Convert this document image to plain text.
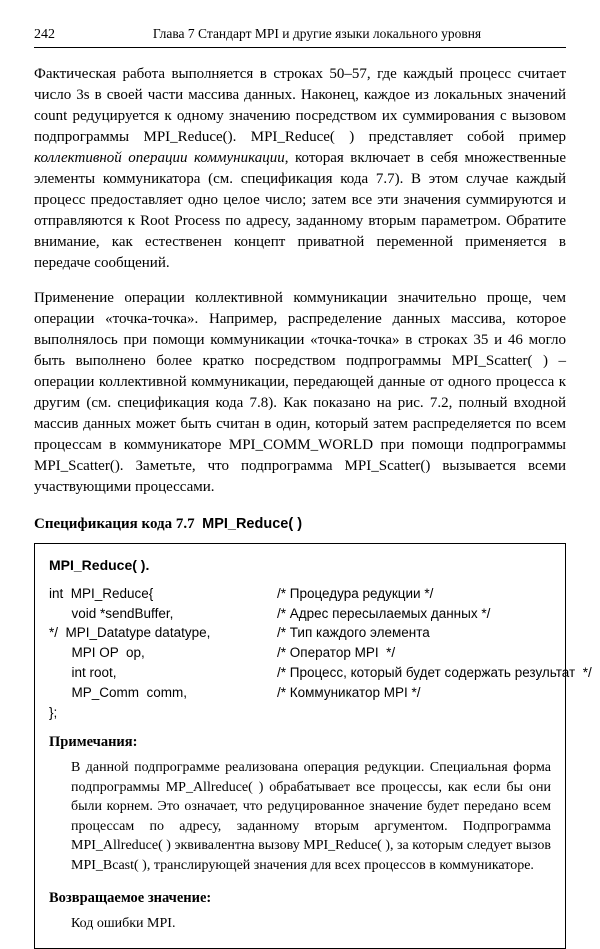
242	Глава 7 Стандарт MPI и другие языки локального уровня

Фактическая работа выполняется в строках 50–57, где каждый процесс считает число 3s в своей части массива данных. Наконец, каждое из локальных значений count редуцируется к одному значению посредством их суммирования с вызовом подпрограммы MPI_Reduce(). MPI_Reduce( ) представляет собой пример коллективной операции коммуникации, которая включает в себя множественные элементы коммуникатора (см. спецификация кода 7.7). В этом случае каждый процесс предоставляет одно целое число; затем все эти значения суммируются и отправляются к Root Process по адресу, заданному вторым параметром. Обратите внимание, как естественен концепт приватной переменной применяется в передаче сообщений.

Применение операции коллективной коммуникации значительно проще, чем операции «точка-точка». Например, распределение данных массива, которое выполнялось при помощи коммуникации «точка-точка» в строках 35 и 46 могло быть выполнено более кратко посредством подпрограммы MPI_Scatter( ) – операции коллективной коммуникации, передающей данные от одного процесса к другим (см. спецификация кода 7.8). Как показано на рис. 7.2, полный входной массив данных может быть считан в один, который затем распределяется по всем процессам в коммуникаторе MPI_COMM_WORLD при помощи подпрограммы MPI_Scatter(). Заметьте, что подпрограмма MPI_Scatter() вызывается всеми участвующими процессами.

Спецификация кода 7.7 MPI_Reduce( )
MPI_Reduce( ).
int  MPI_Reduce{	/* Процедура редукции */
void *sendBuffer,	/* Адрес пересылаемых данных */
*/  MPI_Datatype datatype,	/* Тип каждого элемента
MPI OP  op,	/* Оператор MPI  */
int root,	/* Процесс, который будет содержать результат  */
MP_Comm  comm,	/* Коммуникатор MPI */
};
Примечания:

В данной подпрограмме реализована операция редукции. Специальная форма подпрограммы MP_Allreduce( ) обрабатывает все процессы, как если бы они были корнем. Это означает, что редуцированное значение будет передано всем процессам по адресу, заданному вторым аргументом. Подпрограмма MPI_Allreduce( ) эквивалентна вызову MPI_Reduce( ), за которым следует вызов MPI_Bcast( ), транслирующей значения для всех процессов в коммуникаторе.

Возвращаемое значение:

Код ошибки MPI.
